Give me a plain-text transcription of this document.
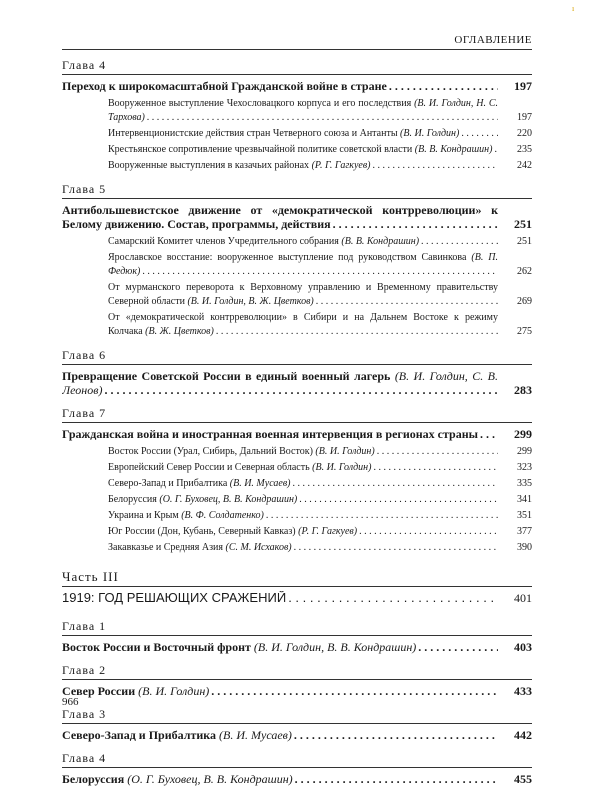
ı
ОГЛАВЛЕНИЕ
Глава 4
Переход к широкомасштабной Гражданской войне в стране . . .	197
Вооруженное выступление Чехословацкого корпуса и его последствия (В. И. Голдин, Н. С. Тархова) . . .	197
Интервенционистские действия стран Четверного союза и Антанты (В. И. Голдин) . . .	220
Крестьянское сопротивление чрезвычайной политике советской власти (В. В. Кондрашин) . . .	235
Вооруженные выступления в казачьих районах (Р. Г. Гагкуев) . . .	242
Глава 5
Антибольшевистское движение от «демократической контрреволюции» к Белому движению. Состав, программы, действия . . .	251
Самарский Комитет членов Учредительного собрания (В. В. Кондрашин) . . .	251
Ярославское восстание: вооруженное выступление под руководством Савинкова (В. П. Федюк) . . .	262
От мурманского переворота к Верховному управлению и Временному правительству Северной области (В. И. Голдин, В. Ж. Цветков) . . .	269
От «демократической контрреволюции» в Сибири и на Дальнем Востоке к режиму Колчака (В. Ж. Цветков) . . .	275
Глава 6
Превращение Советской России в единый военный лагерь (В. И. Голдин, С. В. Леонов) . . .	283
Глава 7
Гражданская война и иностранная военная интервенция в регионах страны . . .	299
Восток России (Урал, Сибирь, Дальний Восток) (В. И. Голдин) . . .	299
Европейский Север России и Северная область (В. И. Голдин) . . .	323
Северо-Запад и Прибалтика (В. И. Мусаев) . . .	335
Белоруссия (О. Г. Буховец, В. В. Кондрашин) . . .	341
Украина и Крым (В. Ф. Солдатенко) . . .	351
Юг России (Дон, Кубань, Северный Кавказ) (Р. Г. Гагкуев) . . .	377
Закавказье и Средняя Азия (С. М. Исхаков) . . .	390
Часть III
1919: ГОД РЕШАЮЩИХ СРАЖЕНИЙ . . .	401
Глава 1
Восток России и Восточный фронт (В. И. Голдин, В. В. Кондрашин) . . .	403
Глава 2
Север России (В. И. Голдин) . . .	433
Глава 3
Северо-Запад и Прибалтика (В. И. Мусаев) . . .	442
Глава 4
Белоруссия (О. Г. Буховец, В. В. Кондрашин) . . .	455
966
